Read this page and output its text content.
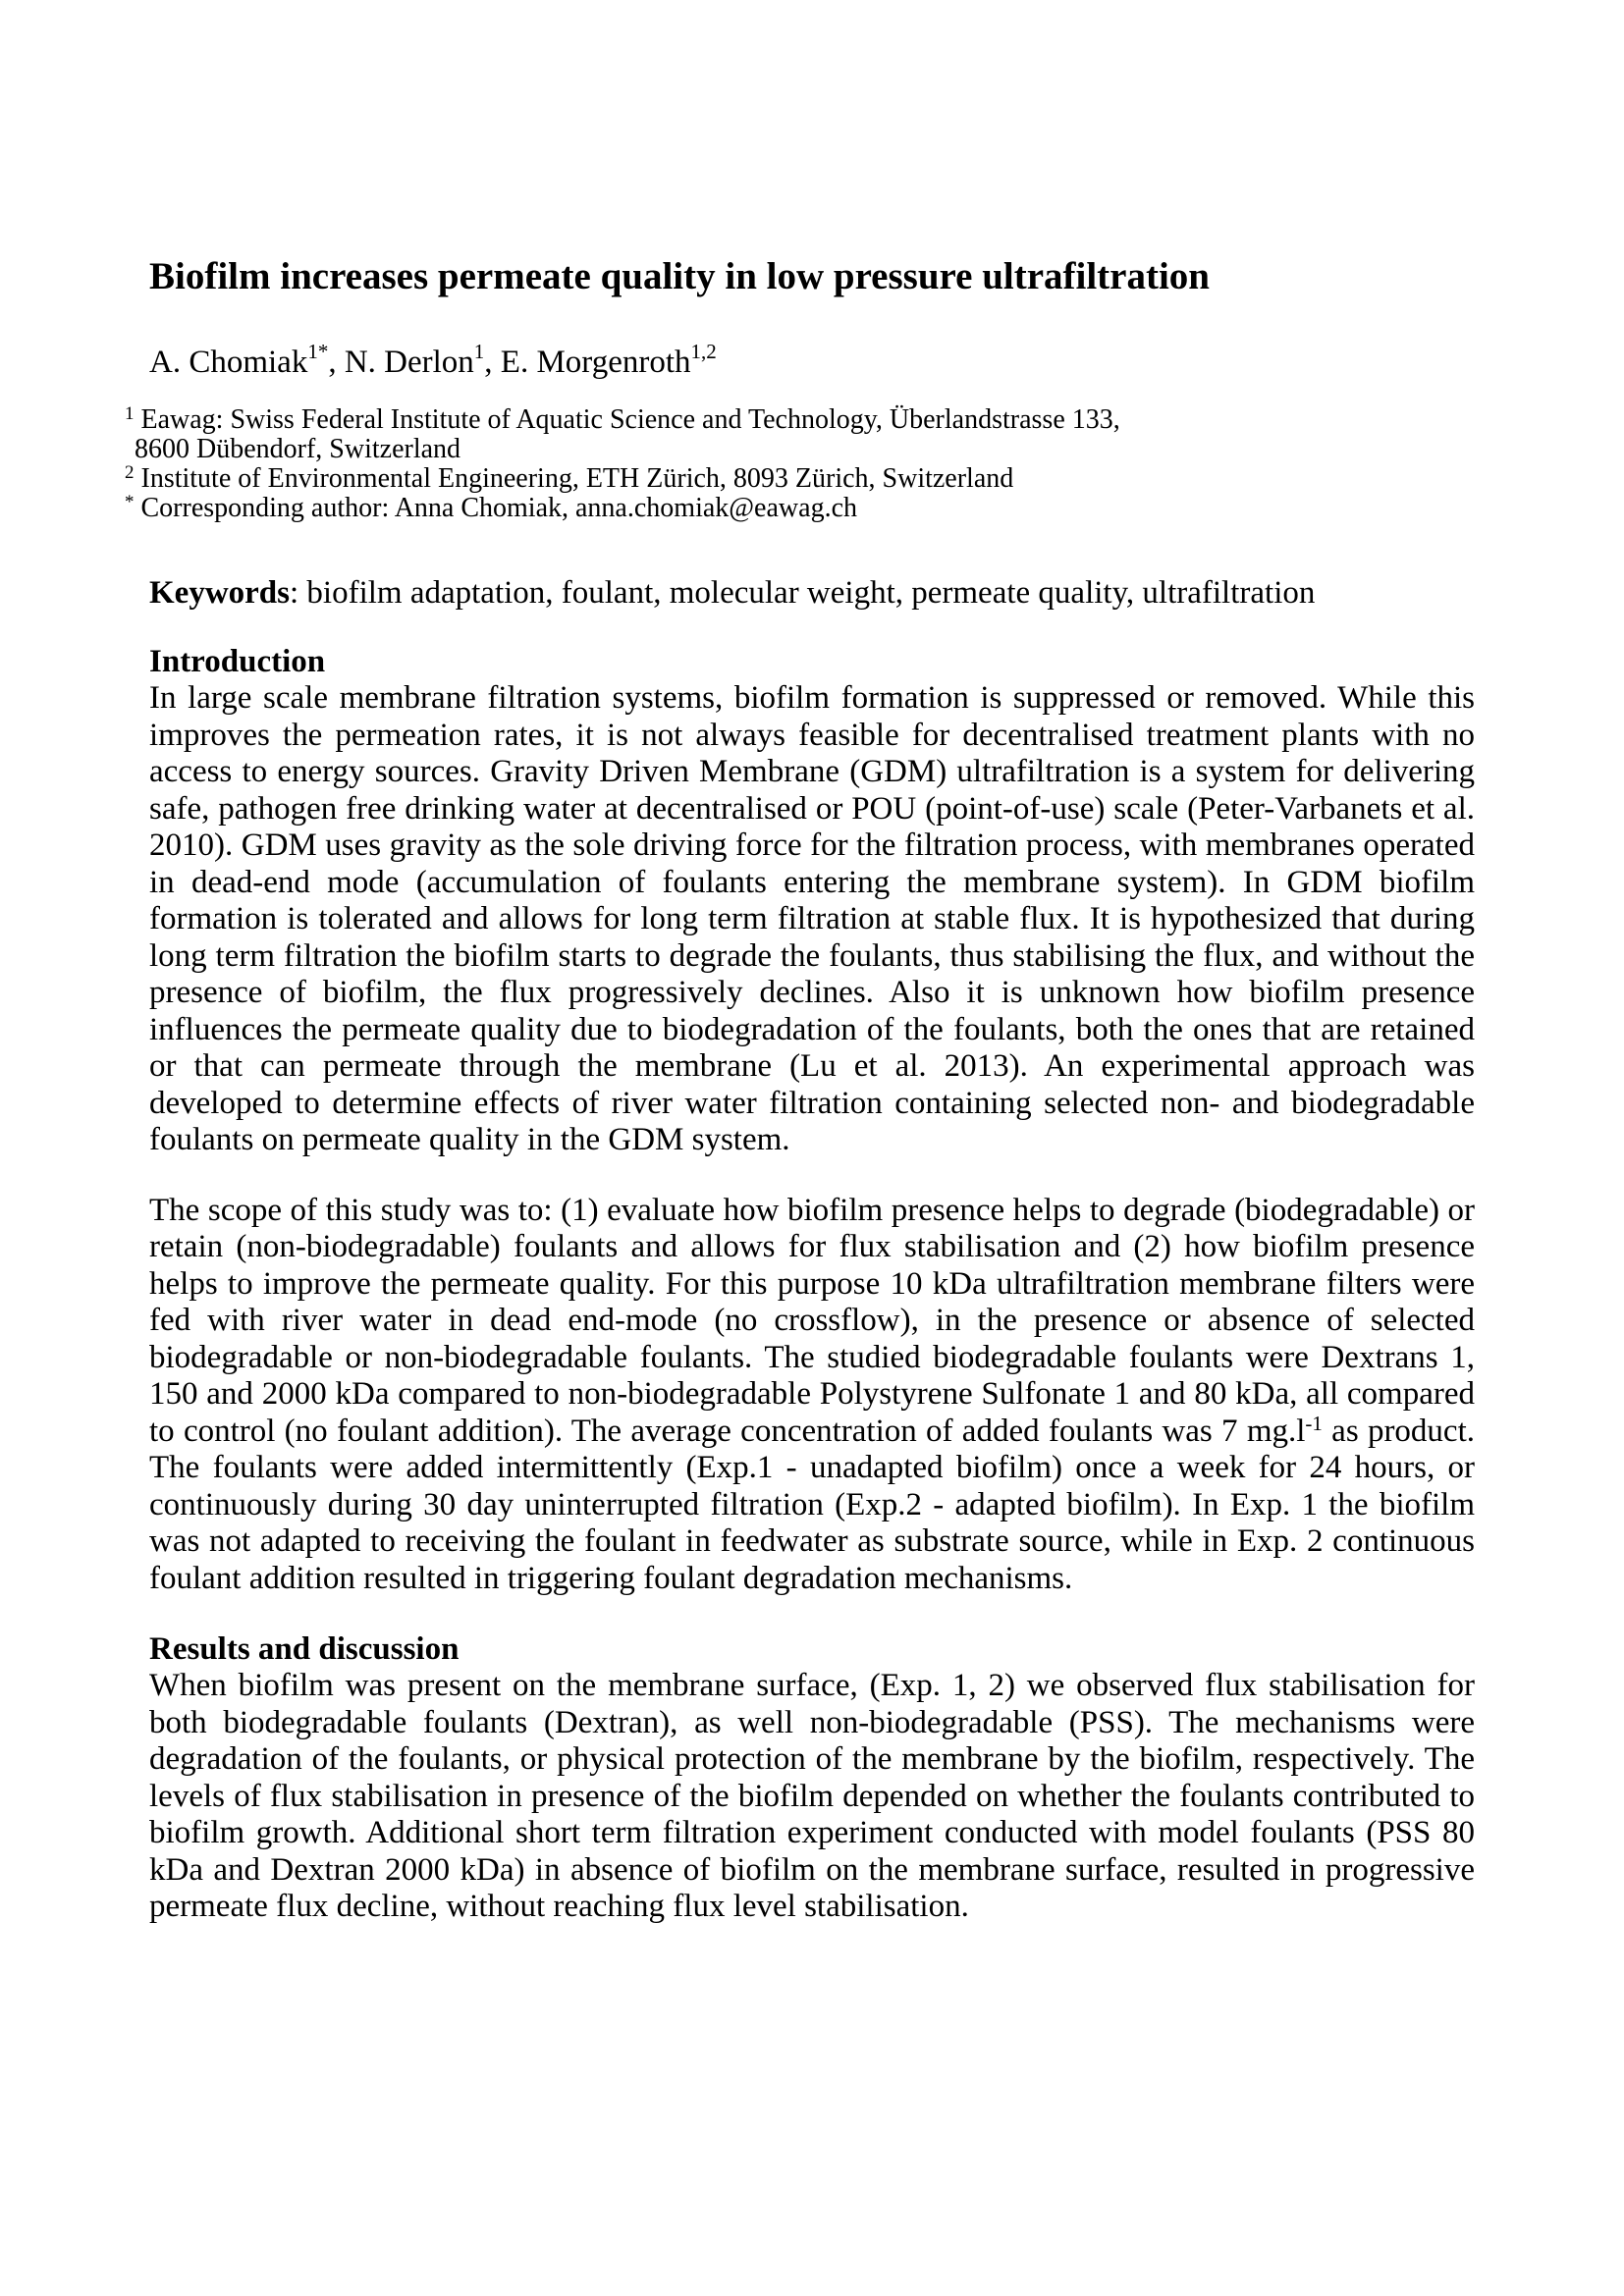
Biofilm increases permeate quality in low pressure ultrafiltration
A. Chomiak$^{1*}$, N. Derlon$^1$, E. Morgenroth$^{1,2}$
$^1$ Eawag: Swiss Federal Institute of Aquatic Science and Technology, Überlandstrasse 133,
8600 Dübendorf, Switzerland
$^2$ Institute of Environmental Engineering, ETH Zürich, 8093 Zürich, Switzerland
* Corresponding author: Anna Chomiak, anna.chomiak@eawag.ch
Keywords: biofilm adaptation, foulant, molecular weight, permeate quality, ultrafiltration
Introduction

In large scale membrane filtration systems, biofilm formation is suppressed or removed. While this improves the permeation rates, it is not always feasible for decentralised treatment plants with no access to energy sources. Gravity Driven Membrane (GDM) ultrafiltration is a system for delivering safe, pathogen free drinking water at decentralised or POU (point-of-use) scale (Peter-Varbanets et al. 2010). GDM uses gravity as the sole driving force for the filtration process, with membranes operated in dead-end mode (accumulation of foulants entering the membrane system). In GDM biofilm formation is tolerated and allows for long term filtration at stable flux. It is hypothesized that during long term filtration the biofilm starts to degrade the foulants, thus stabilising the flux, and without the presence of biofilm, the flux progressively declines. Also it is unknown how biofilm presence influences the permeate quality due to biodegradation of the foulants, both the ones that are retained or that can permeate through the membrane (Lu et al. 2013). An experimental approach was developed to determine effects of river water filtration containing selected non- and biodegradable foulants on permeate quality in the GDM system.

The scope of this study was to: (1) evaluate how biofilm presence helps to degrade (biodegradable) or retain (non-biodegradable) foulants and allows for flux stabilisation and (2) how biofilm presence helps to improve the permeate quality. For this purpose 10 kDa ultrafiltration membrane filters were fed with river water in dead end-mode (no crossflow), in the presence or absence of selected biodegradable or non-biodegradable foulants. The studied biodegradable foulants were Dextrans 1, 150 and 2000 kDa compared to non-biodegradable Polystyrene Sulfonate 1 and 80 kDa, all compared to control (no foulant addition). The average concentration of added foulants was 7 $mg.l^{-1}$ as product. The foulants were added intermittently (Exp.1 - unadapted biofilm) once a week for 24 hours, or continuously during 30 day uninterrupted filtration (Exp.2 - adapted biofilm). In Exp. 1 the biofilm was not adapted to receiving the foulant in feedwater as substrate source, while in Exp. 2 continuous foulant addition resulted in triggering foulant degradation mechanisms.

Results and discussion

When biofilm was present on the membrane surface, (Exp. 1, 2) we observed flux stabilisation for both biodegradable foulants (Dextran), as well non-biodegradable (PSS). The mechanisms were degradation of the foulants, or physical protection of the membrane by the biofilm, respectively. The levels of flux stabilisation in presence of the biofilm depended on whether the foulants contributed to biofilm growth. Additional short term filtration experiment conducted with model foulants (PSS 80 kDa and Dextran 2000 kDa) in absence of biofilm on the membrane surface, resulted in progressive permeate flux decline, without reaching flux level stabilisation.
